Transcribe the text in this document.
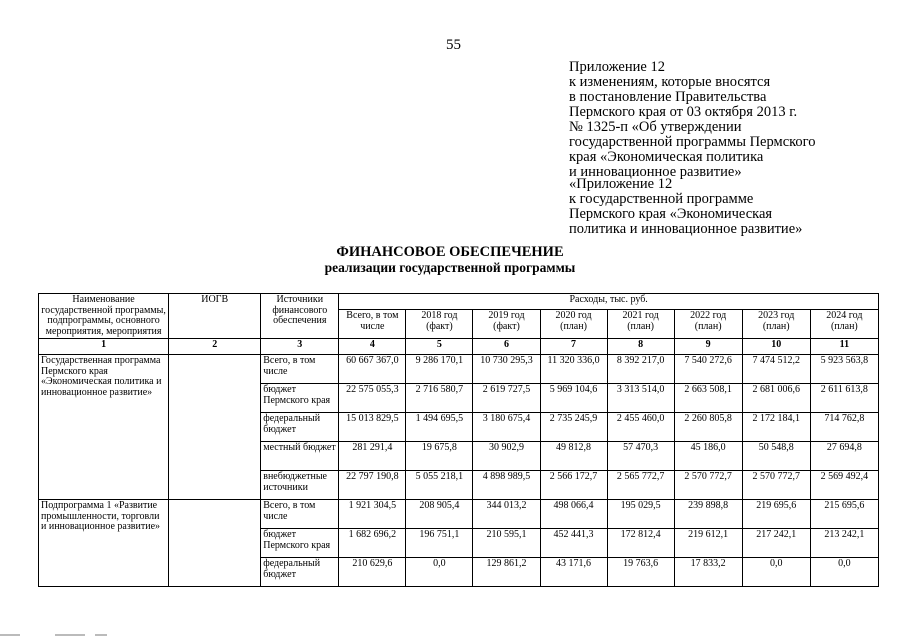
55
Приложение 12
к изменениям, которые вносятся
в постановление Правительства
Пермского края от 03 октября 2013 г.
№ 1325-п «Об утверждении
государственной программы Пермского
края «Экономическая политика
и инновационное развитие»
«Приложение 12
к государственной программе
Пермского края «Экономическая
политика и инновационное развитие»
ФИНАНСОВОЕ ОБЕСПЕЧЕНИЕ
реализации государственной программы
Наименование государственной программы, подпрограммы, основного мероприятия, мероприятия	ИОГВ	Источники финансового обеспечения	Расходы, тыс. руб.							
			Всего, в том числе	2018 год (факт)	2019 год (факт)	2020 год (план)	2021 год (план)	2022 год (план)	2023 год (план)	2024 год (план)
1	2	3	4	5	6	7	8	9	10	11
Государственная программа Пермского края «Экономическая политика и инновационное развитие»		Всего, в том числе	60 667 367,0	9 286 170,1	10 730 295,3	11 320 336,0	8 392 217,0	7 540 272,6	7 474 512,2	5 923 563,8
		бюджет Пермского края	22 575 055,3	2 716 580,7	2 619 727,5	5 969 104,6	3 313 514,0	2 663 508,1	2 681 006,6	2 611 613,8
		федеральный бюджет	15 013 829,5	1 494 695,5	3 180 675,4	2 735 245,9	2 455 460,0	2 260 805,8	2 172 184,1	714 762,8
		местный бюджет	281 291,4	19 675,8	30 902,9	49 812,8	57 470,3	45 186,0	50 548,8	27 694,8
		внебюджетные источники	22 797 190,8	5 055 218,1	4 898 989,5	2 566 172,7	2 565 772,7	2 570 772,7	2 570 772,7	2 569 492,4
Подпрограмма 1 «Развитие промышленности, торговли и инновационное развитие»		Всего, в том числе	1 921 304,5	208 905,4	344 013,2	498 066,4	195 029,5	239 898,8	219 695,6	215 695,6
		бюджет Пермского края	1 682 696,2	196 751,1	210 595,1	452 441,3	172 812,4	219 612,1	217 242,1	213 242,1
		федеральный бюджет	210 629,6	0,0	129 861,2	43 171,6	19 763,6	17 833,2	0,0	0,0
